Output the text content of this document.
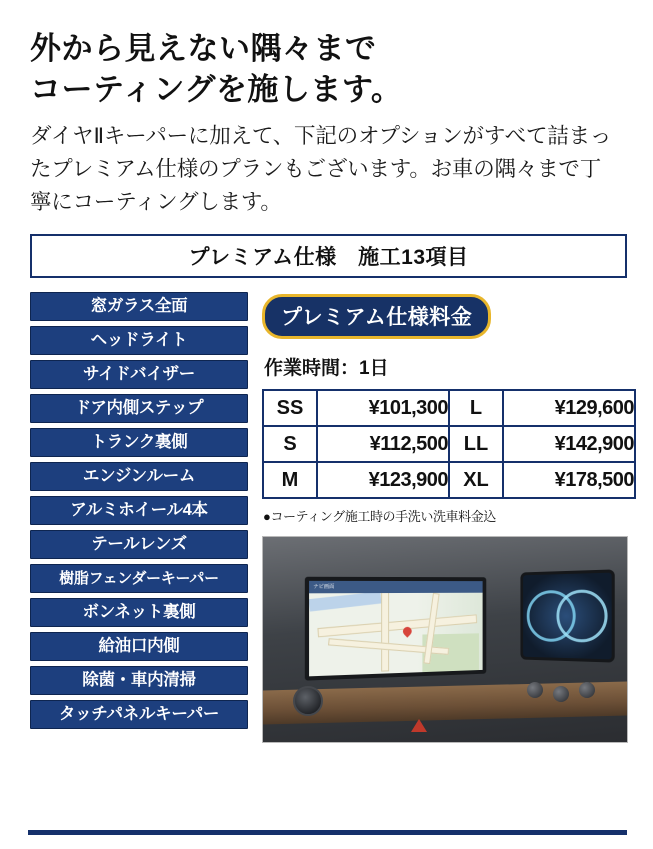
外から見えない隅々まで
コーティングを施します。

ダイヤⅡキーパーに加えて、下記のオプションがすべて詰まったプレミアム仕様のプランもございます。お車の隅々まで丁寧にコーティングします。

プレミアム仕様　施工13項目
窓ガラス全面
ヘッドライト
サイドバイザー
ドア内側ステップ
トランク裏側
エンジンルーム
アルミホイール4本
テールレンズ
樹脂フェンダーキーパー
ボンネット裏側
給油口内側
除菌・車内清掃
タッチパネルキーパー
プレミアム仕様料金
作業時間：1日
SS	¥101,300	L	¥129,600
S	¥112,500	LL	¥142,900
M	¥123,900	XL	¥178,500
●コーティング施工時の手洗い洗車料金込
ナビ画面
